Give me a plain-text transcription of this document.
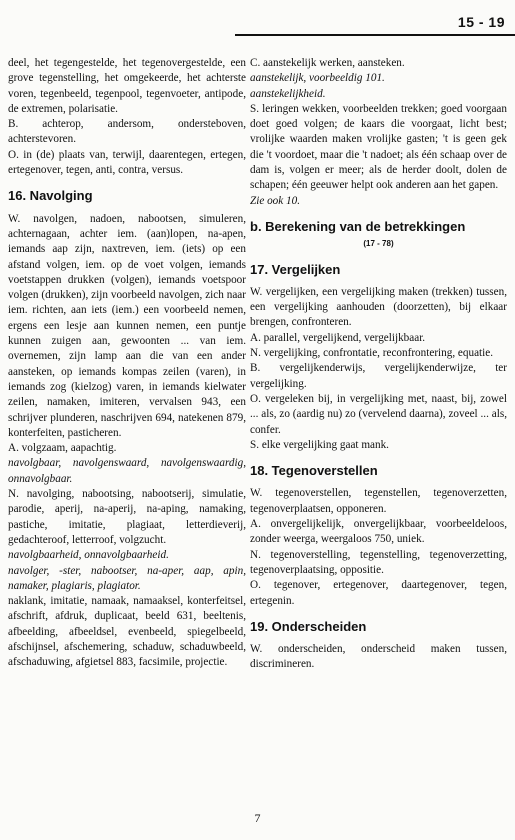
15 - 19

deel, het tegengestelde, het tegenovergestelde, een grove tegenstelling, het omgekeerde, het achterste voren, tegenbeeld, tegenpool, tegenvoeter, antipode, de extremen, polarisatie.

B. achterop, andersom, ondersteboven, achterstevoren.

O. in (de) plaats van, terwijl, daarentegen, ertegen, ertegenover, tegen, anti, contra, versus.

16. Navolging

W. navolgen, nadoen, nabootsen, simuleren, achternagaan, achter iem. (aan)lopen, na-apen, iemands aap zijn, naxtreven, iem. (iets) op een afstand volgen, iem. op de voet volgen, iemands voetstappen drukken (volgen), iemands voetspoor volgen (drukken), zijn voorbeeld navolgen, zich naar iem. richten, aan iets (iem.) een voorbeeld nemen, ergens een lesje aan kunnen nemen, een puntje kunnen zuigen aan, gewoonten ... van iem. overnemen, zijn lamp aan die van een ander aansteken, op iemands kompas zeilen (varen), in iemands zog (kielzog) varen, in iemands kielwater zeilen, namaken, imiteren, vervalsen 943, een schrijver plunderen, naschrijven 694, natekenen 879, konterfeiten, pasticheren.

A. volgzaam, aapachtig.

navolgbaar, navolgenswaard, navolgenswaardig, onnavolgbaar.

N. navolging, nabootsing, nabootserij, simulatie, parodie, aperij, na-aperij, na-aping, namaking, pastiche, imitatie, plagiaat, letterdieverij, gedachteroof, letterroof, volgzucht.

navolgbaarheid, onnavolgbaarheid.

navolger, -ster, nabootser, na-aper, aap, apin, namaker, plagiaris, plagiator.

naklank, imitatie, namaak, namaaksel, konterfeitsel, afschrift, afdruk, duplicaat, beeld 631, beeltenis, afbeelding, afbeeldsel, evenbeeld, spiegelbeeld, afschijnsel, afschemering, schaduw, schaduwbeeld, afschaduwing, afgietsel 883, facsimile, projectie.

C. aanstekelijk werken, aansteken.

aanstekelijk, voorbeeldig 101.

aanstekelijkheid.

S. leringen wekken, voorbeelden trekken; goed voorgaan doet goed volgen; de kaars die voorgaat, licht best; vrolijke waarden maken vrolijke gasten; 't is geen gek die 't voordoet, maar die 't nadoet; als één schaap over de dam is, volgen er meer; als de herder doolt, dolen de schapen; één geeuwer helpt ook anderen aan het gapen.

Zie ook 10.

b. Berekening van de betrekkingen
(17 - 78)
17. Vergelijken

W. vergelijken, een vergelijking maken (trekken) tussen, een vergelijking aanhouden (doorzetten), bij elkaar brengen, confronteren.

A. parallel, vergelijkend, vergelijkbaar.

N. vergelijking, confrontatie, reconfrontering, equatie.

B. vergelijkenderwijs, vergelijkenderwijze, ter vergelijking.

O. vergeleken bij, in vergelijking met, naast, bij, zowel ... als, zo (aardig nu) zo (vervelend daarna), zoveel ... als, confer.

S. elke vergelijking gaat mank.

18. Tegenoverstellen

W. tegenoverstellen, tegenstellen, tegenoverzetten, tegenoverplaatsen, opponeren.

A. onvergelijkelijk, onvergelijkbaar, voorbeeldeloos, zonder weerga, weergaloos 750, uniek.

N. tegenoverstelling, tegenstelling, tegenoverzetting, tegenoverplaatsing, oppositie.

O. tegenover, ertegenover, daartegenover, tegen, ertegenin.

19. Onderscheiden

W. onderscheiden, onderscheid maken tussen, discrimineren.

7
